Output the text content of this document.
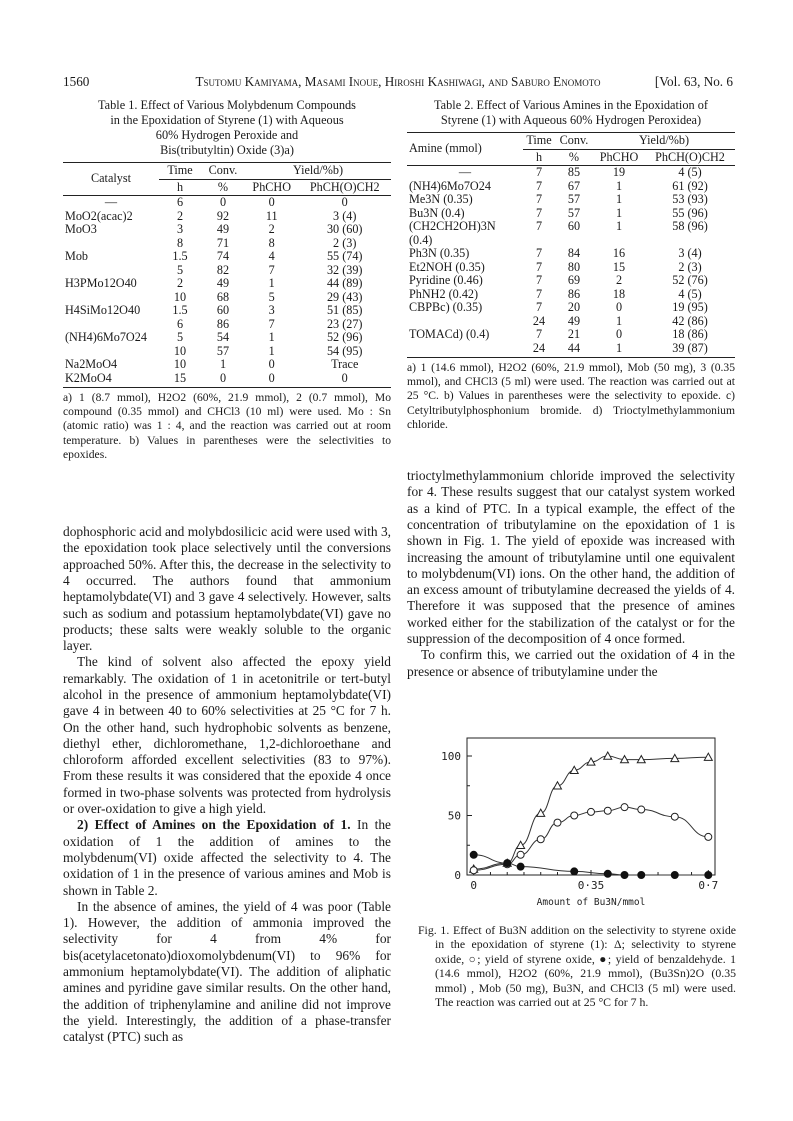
1560	Tsutomu Kamiyama, Masami Inoue, Hiroshi Kashiwagi, and Saburo Enomoto	[Vol. 63, No. 6
Table 1. Effect of Various Molybdenum Compounds
in the Epoxidation of Styrene (1) with Aqueous
60% Hydrogen Peroxide and
Bis(tributyltin) Oxide (3)a)
Catalyst	Time	Conv.	Yield/%b)	
	h	%	PhCHO	PhCH(O)CH2
—	6	0	0	0
MoO2(acac)2	2	92	11	3 (4)
MoO3	3	49	2	30 (60)
	8	71	8	2 (3)
Mob	1.5	74	4	55 (74)
	5	82	7	32 (39)
H3PMo12O40	2	49	1	44 (89)
	10	68	5	29 (43)
H4SiMo12O40	1.5	60	3	51 (85)
	6	86	7	23 (27)
(NH4)6Mo7O24	5	54	1	52 (96)
	10	57	1	54 (95)
Na2MoO4	10	1	0	Trace
K2MoO4	15	0	0	0
a) 1 (8.7 mmol), H2O2 (60%, 21.9 mmol), 2 (0.7 mmol), Mo compound (0.35 mmol) and CHCl3 (10 ml) were used. Mo : Sn (atomic ratio) was 1 : 4, and the reaction was carried out at room temperature. b) Values in parentheses were the selectivities to epoxides.

dophosphoric acid and molybdosilicic acid were used with 3, the epoxidation took place selectively until the conversions approached 50%. After this, the decrease in the selectivity to 4 occurred. The authors found that ammonium heptamolybdate(VI) and 3 gave 4 selectively. However, salts such as sodium and potassium heptamolybdate(VI) gave no products; these salts were weakly soluble to the organic layer.

The kind of solvent also affected the epoxy yield remarkably. The oxidation of 1 in acetonitrile or tert-butyl alcohol in the presence of ammonium heptamolybdate(VI) gave 4 in between 40 to 60% selectivities at 25 °C for 7 h. On the other hand, such hydrophobic solvents as benzene, diethyl ether, dichloromethane, 1,2-dichloroethane and chloroform afforded excellent selectivities (83 to 97%). From these results it was considered that the epoxide 4 once formed in two-phase solvents was protected from hydrolysis or over-oxidation to give a high yield.

2) Effect of Amines on the Epoxidation of 1. In the oxidation of 1 the addition of amines to the molybdenum(VI) oxide affected the selectivity to 4. The oxidation of 1 in the presence of various amines and Mob is shown in Table 2.

In the absence of amines, the yield of 4 was poor (Table 1). However, the addition of ammonia improved the selectivity for 4 from 4% for bis(acetylacetonato)dioxomolybdenum(VI) to 96% for ammonium heptamolybdate(VI). The addition of aliphatic amines and pyridine gave similar results. On the other hand, the addition of triphenylamine and aniline did not improve the yield. Interestingly, the addition of a phase-transfer catalyst (PTC) such as

Table 2. Effect of Various Amines in the Epoxidation of
Styrene (1) with Aqueous 60% Hydrogen Peroxidea)
Amine (mmol)	Time	Conv.	Yield/%b)	
	h	%	PhCHO	PhCH(O)CH2
—	7	85	19	4 (5)
(NH4)6Mo7O24	7	67	1	61 (92)
Me3N (0.35)	7	57	1	53 (93)
Bu3N (0.4)	7	57	1	55 (96)
(CH2CH2OH)3N (0.4)	7	60	1	58 (96)
Ph3N (0.35)	7	84	16	3 (4)
Et2NOH (0.35)	7	80	15	2 (3)
Pyridine (0.46)	7	69	2	52 (76)
PhNH2 (0.42)	7	86	18	4 (5)
CBPBc) (0.35)	7	20	0	19 (95)
	24	49	1	42 (86)
TOMACd) (0.4)	7	21	0	18 (86)
	24	44	1	39 (87)
a) 1 (14.6 mmol), H2O2 (60%, 21.9 mmol), Mob (50 mg), 3 (0.35 mmol), and CHCl3 (5 ml) were used. The reaction was carried out at 25 °C. b) Values in parentheses were the selectivity to epoxide. c) Cetyltributylphosphonium bromide. d) Trioctylmethylammonium chloride.

trioctylmethylammonium chloride improved the selectivity for 4. These results suggest that our catalyst system worked as a kind of PTC. In a typical example, the effect of the concentration of tributylamine on the epoxidation of 1 is shown in Fig. 1. The yield of epoxide was increased with increasing the amount of tributylamine until one equivalent to molybdenum(VI) ions. On the other hand, the addition of an excess amount of tributylamine decreased the yields of 4. Therefore it was supposed that the presence of amines worked either for the stabilization of the catalyst or for the suppression of the decomposition of 4 once formed.

To confirm this, we carried out the oxidation of 4 in the presence or absence of tributylamine under the

0
50
100
0	0·35	0·7
Amount of Bu3N/mmol
Fig. 1. Effect of Bu3N addition on the selectivity to styrene oxide in the epoxidation of styrene (1): Δ; selectivity to styrene oxide, ○; yield of styrene oxide, ●; yield of benzaldehyde. 1 (14.6 mmol), H2O2 (60%, 21.9 mmol), (Bu3Sn)2O (0.35 mmol) , Mob (50 mg), Bu3N, and CHCl3 (5 ml) were used. The reaction was carried out at 25 °C for 7 h.
